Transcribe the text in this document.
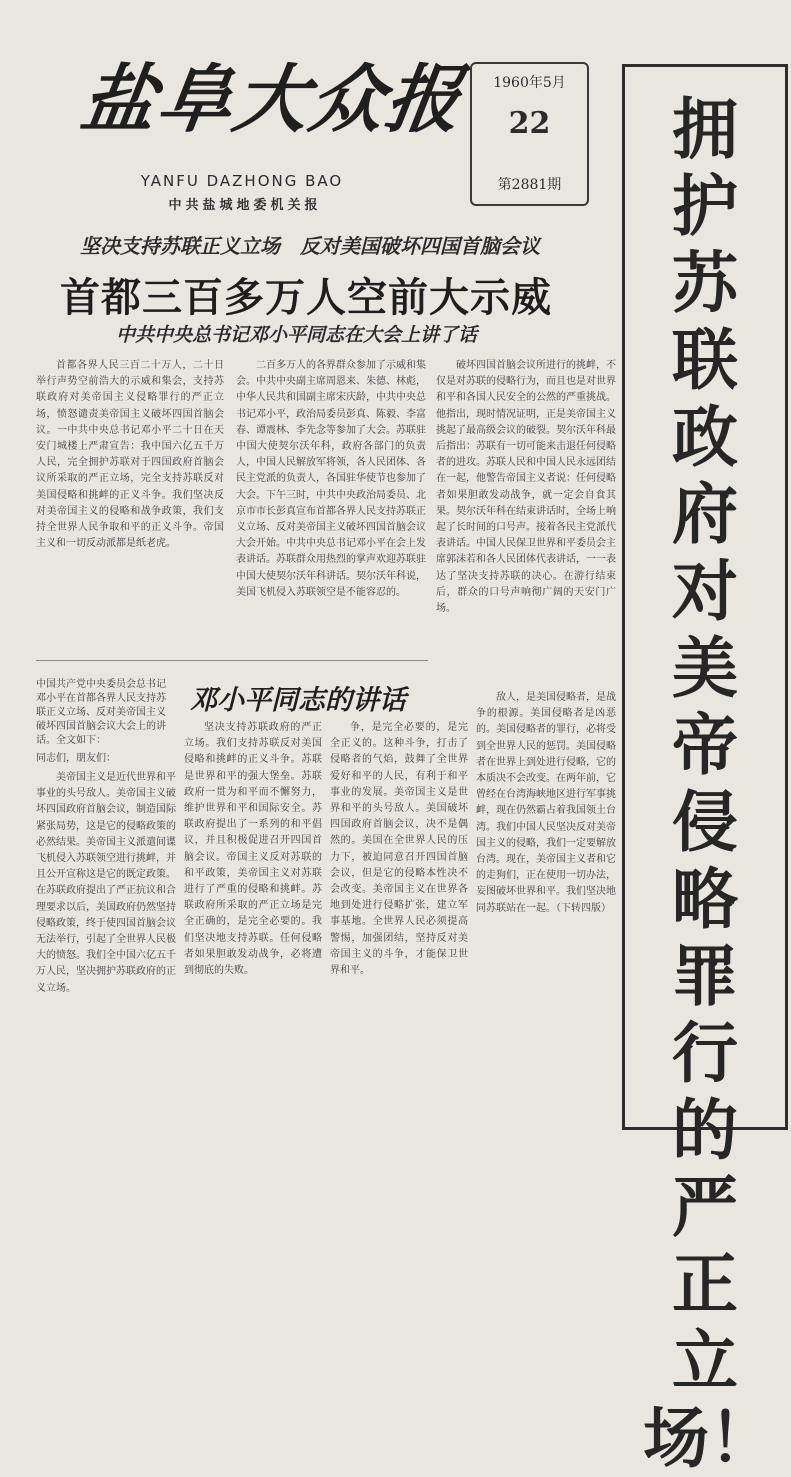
盐阜大众报
YANFU DAZHONG BAO
中共盐城地委机关报
1960年5月
22
第2881期
拥护苏联政府对美帝侵略罪行的严正立场！
坚决支持苏联正义立场　反对美国破坏四国首脑会议
首都三百多万人空前大示威
中共中央总书记邓小平同志在大会上讲了话

首都各界人民三百二十万人，二十日举行声势空前浩大的示威和集会，支持苏联政府对美帝国主义侵略罪行的严正立场，愤怒谴责美帝国主义破坏四国首脑会议。一中共中央总书记邓小平二十日在天安门城楼上严肃宣告：我中国六亿五千万人民，完全拥护苏联对于四国政府首脑会议所采取的严正立场，完全支持苏联反对美国侵略和挑衅的正义斗争。我们坚决反对美帝国主义的侵略和战争政策，我们支持全世界人民争取和平的正义斗争。帝国主义和一切反动派都是纸老虎。

二百多万人的各界群众参加了示威和集会。中共中央副主席周恩来、朱德、林彪，中华人民共和国副主席宋庆龄，中共中央总书记邓小平，政治局委员彭真、陈毅、李富春、谭震林、李先念等参加了大会。苏联驻中国大使契尔沃年科，政府各部门的负责人，中国人民解放军将领，各人民团体、各民主党派的负责人，各国驻华使节也参加了大会。下午三时，中共中央政治局委员、北京市市长彭真宣布首都各界人民支持苏联正义立场、反对美帝国主义破坏四国首脑会议大会开始。中共中央总书记邓小平在会上发表讲话。苏联群众用热烈的掌声欢迎苏联驻中国大使契尔沃年科讲话。契尔沃年科说，美国飞机侵入苏联领空是不能容忍的。

破坏四国首脑会议所进行的挑衅，不仅是对苏联的侵略行为，而且也是对世界和平和各国人民安全的公然的严重挑战。他指出，现时情况证明，正是美帝国主义挑起了最高级会议的破裂。契尔沃年科最后指出：苏联有一切可能来击退任何侵略者的进攻。苏联人民和中国人民永远团结在一起，他警告帝国主义者说：任何侵略者如果胆敢发动战争，就一定会自食其果。契尔沃年科在结束讲话时，全场上响起了长时间的口号声。接着各民主党派代表讲话。中国人民保卫世界和平委员会主席郭沫若和各人民团体代表讲话，一一表达了坚决支持苏联的决心。在游行结束后，群众的口号声响彻广阔的天安门广场。

中国共产党中央委员会总书记邓小平在首都各界人民支持苏联正义立场、反对美帝国主义破坏四国首脑会议大会上的讲话。全文如下：
邓小平同志的讲话
同志们，朋友们：

美帝国主义是近代世界和平事业的头号敌人。美帝国主义破坏四国政府首脑会议，制造国际紧张局势，这是它的侵略政策的必然结果。美帝国主义派遣间谍飞机侵入苏联领空进行挑衅，并且公开宣称这是它的既定政策。在苏联政府提出了严正抗议和合理要求以后，美国政府仍然坚持侵略政策，终于使四国首脑会议无法举行，引起了全世界人民极大的愤怒。我们全中国六亿五千万人民，坚决拥护苏联政府的正义立场。

坚决支持苏联政府的严正立场。我们支持苏联反对美国侵略和挑衅的正义斗争。苏联是世界和平的强大堡垒。苏联政府一贯为和平而不懈努力，维护世界和平和国际安全。苏联政府提出了一系列的和平倡议，并且积极促进召开四国首脑会议。帝国主义反对苏联的和平政策，美帝国主义对苏联进行了严重的侵略和挑衅。苏联政府所采取的严正立场是完全正确的，是完全必要的。我们坚决地支持苏联。任何侵略者如果胆敢发动战争，必将遭到彻底的失败。

争，是完全必要的，是完全正义的。这种斗争，打击了侵略者的气焰，鼓舞了全世界爱好和平的人民，有利于和平事业的发展。美帝国主义是世界和平的头号敌人。美国破坏四国政府首脑会议，决不是偶然的。美国在全世界人民的压力下，被迫同意召开四国首脑会议，但是它的侵略本性决不会改变。美帝国主义在世界各地到处进行侵略扩张，建立军事基地。全世界人民必须提高警惕，加强团结，坚持反对美帝国主义的斗争，才能保卫世界和平。

敌人，是美国侵略者，是战争的根源。美国侵略者是凶恶的。美国侵略者的罪行，必将受到全世界人民的惩罚。美国侵略者在世界上到处进行侵略，它的本质决不会改变。在两年前，它曾经在台湾海峡地区进行军事挑衅，现在仍然霸占着我国领土台湾。我们中国人民坚决反对美帝国主义的侵略，我们一定要解放台湾。现在，美帝国主义者和它的走狗们，正在使用一切办法，妄图破坏世界和平。我们坚决地同苏联站在一起。（下转四版）
